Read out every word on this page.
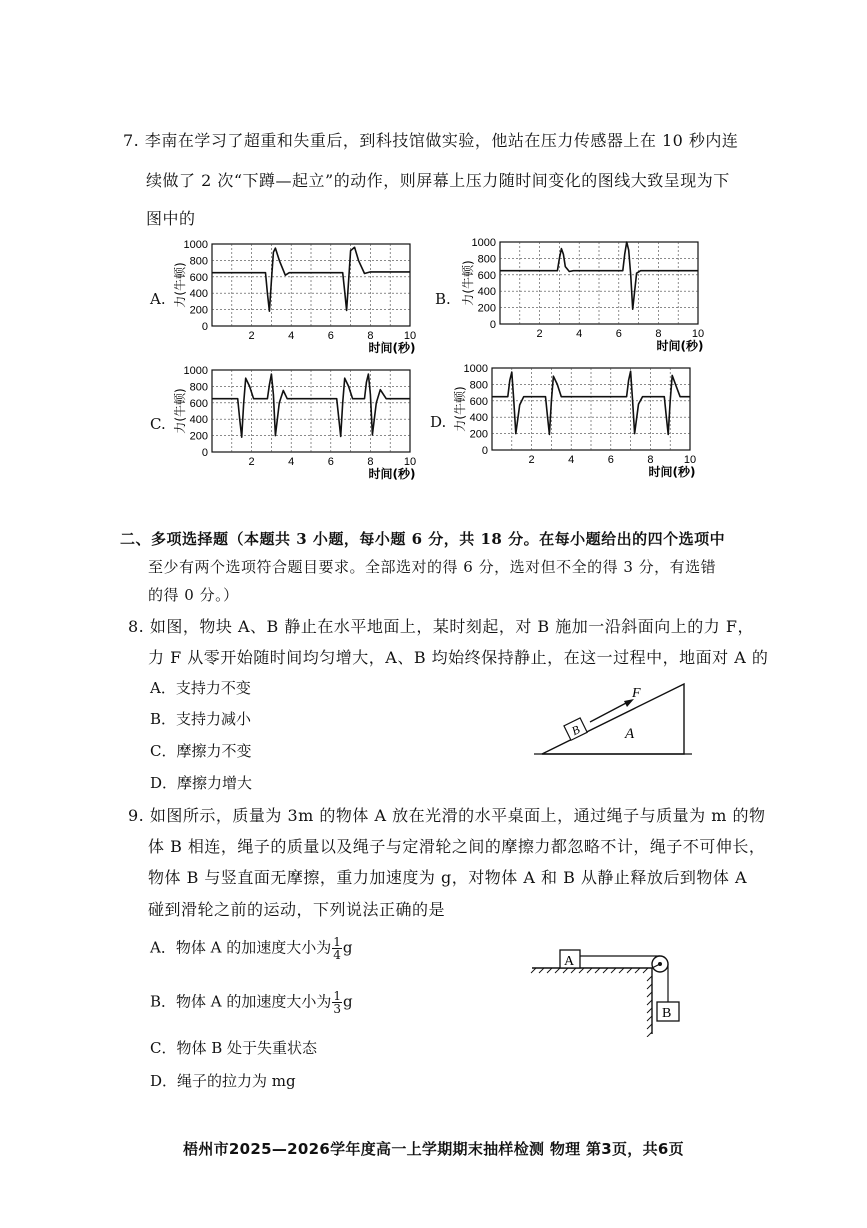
7. 李南在学习了超重和失重后，到科技馆做实验，他站在压力传感器上在 10 秒内连
续做了 2 次“下蹲—起立”的动作，则屏幕上压力随时间变化的图线大致呈现为下
图中的
A.	B.
C.	D.
0
200
400
600
800
1000
2	4	6	8	10
力(牛顿)
时间(秒)
0
200
400
600
800
1000
2	4	6	8	10
力(牛顿)
时间(秒)
0
200
400
600
800
1000
2	4	6	8	10
力(牛顿)
时间(秒)
0
200
400
600
800
1000
2	4	6	8	10
力(牛顿)
时间(秒)
二、多项选择题（本题共 3 小题，每小题 6 分，共 18 分。在每小题给出的四个选项中
至少有两个选项符合题目要求。全部选对的得 6 分，选对但不全的得 3 分，有选错
的得 0 分。）
8. 如图，物块 A、B 静止在水平地面上，某时刻起，对 B 施加一沿斜面向上的力 F，
力 F 从零开始随时间均匀增大，A、B 均始终保持静止，在这一过程中，地面对 A 的
A．支持力不变
B．支持力减小
C．摩擦力不变
D．摩擦力增大
F
B	A
9. 如图所示，质量为 3m 的物体 A 放在光滑的水平桌面上，通过绳子与质量为 m 的物
体 B 相连，绳子的质量以及绳子与定滑轮之间的摩擦力都忽略不计，绳子不可伸长，
物体 B 与竖直面无摩擦，重力加速度为 g，对物体 A 和 B 从静止释放后到物体 A
碰到滑轮之前的运动，下列说法正确的是
A．物体 A 的加速度大小为 $\frac{1}{4}$ g
B．物体 A 的加速度大小为 $\frac{1}{3}$ g
C．物体 B 处于失重状态
D．绳子的拉力为 mg
A
B
梧州市2025—2026学年度高一上学期期末抽样检测 物理 第3页，共6页
